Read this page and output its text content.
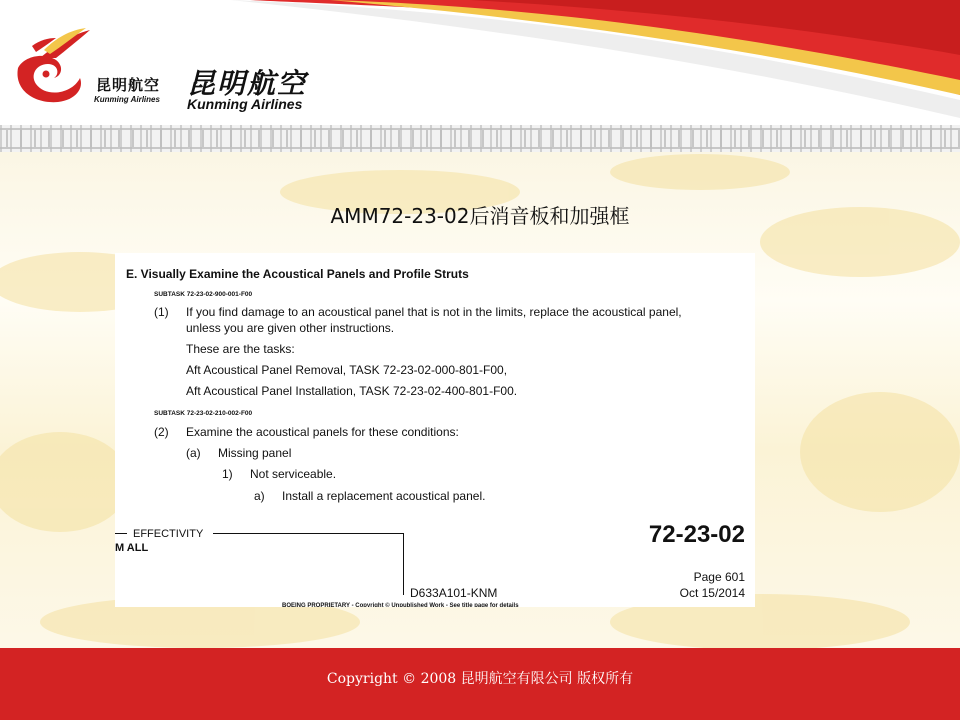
昆明航空
Kunming Airlines 昆明航空
Kunming Airlines
AMM72-23-02后消音板和加强框
E. Visually Examine the Acoustical Panels and Profile Struts
SUBTASK 72-23-02-900-001-F00
(1) If you find damage to an acoustical panel that is not in the limits, replace the acoustical panel,
unless you are given other instructions.
These are the tasks:
Aft Acoustical Panel Removal, TASK 72-23-02-000-801-F00,
Aft Acoustical Panel Installation, TASK 72-23-02-400-801-F00.
SUBTASK 72-23-02-210-002-F00
(2) Examine the acoustical panels for these conditions:
(a) Missing panel
1) Not serviceable.
a) Install a replacement acoustical panel.
EFFECTIVITY
M ALL	72-23-02
Page 601
Oct 15/2014
D633A101-KNM
BOEING PROPRIETARY - Copyright © Unpublished Work - See title page for details
Copyright © 2008 昆明航空有限公司 版权所有
